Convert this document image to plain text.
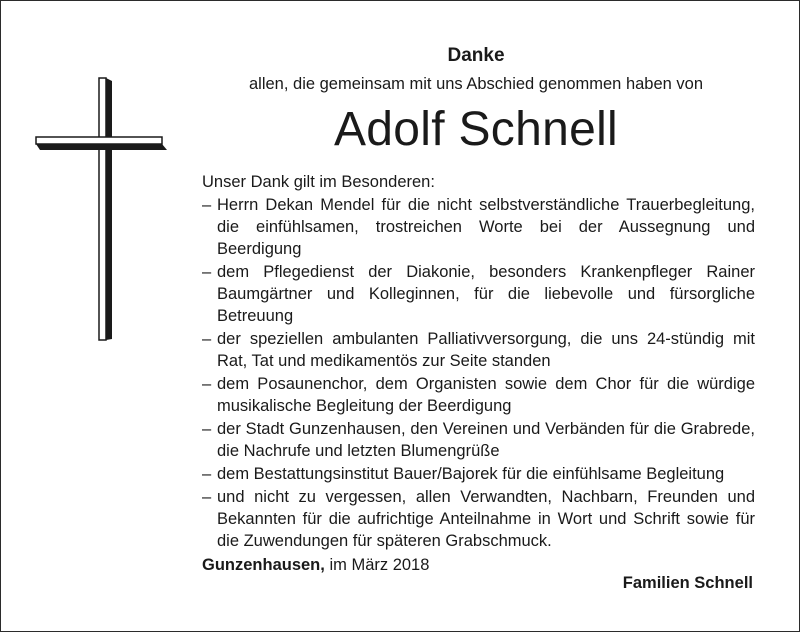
Danke
allen, die gemeinsam mit uns Abschied genommen haben von
Adolf Schnell
Unser Dank gilt im Besonderen:
– Herrn Dekan Mendel für die nicht selbstverständliche Trauerbegleitung, die einfühlsamen, trostreichen Worte bei der Aussegnung und Beerdigung
– dem Pflegedienst der Diakonie, besonders Krankenpfleger Rainer Baumgärtner und Kolleginnen, für die liebevolle und fürsorgliche Betreuung
– der speziellen ambulanten Palliativversorgung, die uns 24-stündig mit Rat, Tat und medikamentös zur Seite standen
– dem Posaunenchor, dem Organisten sowie dem Chor für die würdige musikalische Begleitung der Beerdigung
– der Stadt Gunzenhausen, den Vereinen und Verbänden für die Grabrede, die Nachrufe und letzten Blumengrüße
– dem Bestattungsinstitut Bauer/Bajorek für die einfühlsame Begleitung
– und nicht zu vergessen, allen Verwandten, Nachbarn, Freunden und Bekannten für die aufrichtige Anteilnahme in Wort und Schrift sowie für die Zuwendungen für späteren Grabschmuck.
Gunzenhausen, im März 2018
Familien Schnell
